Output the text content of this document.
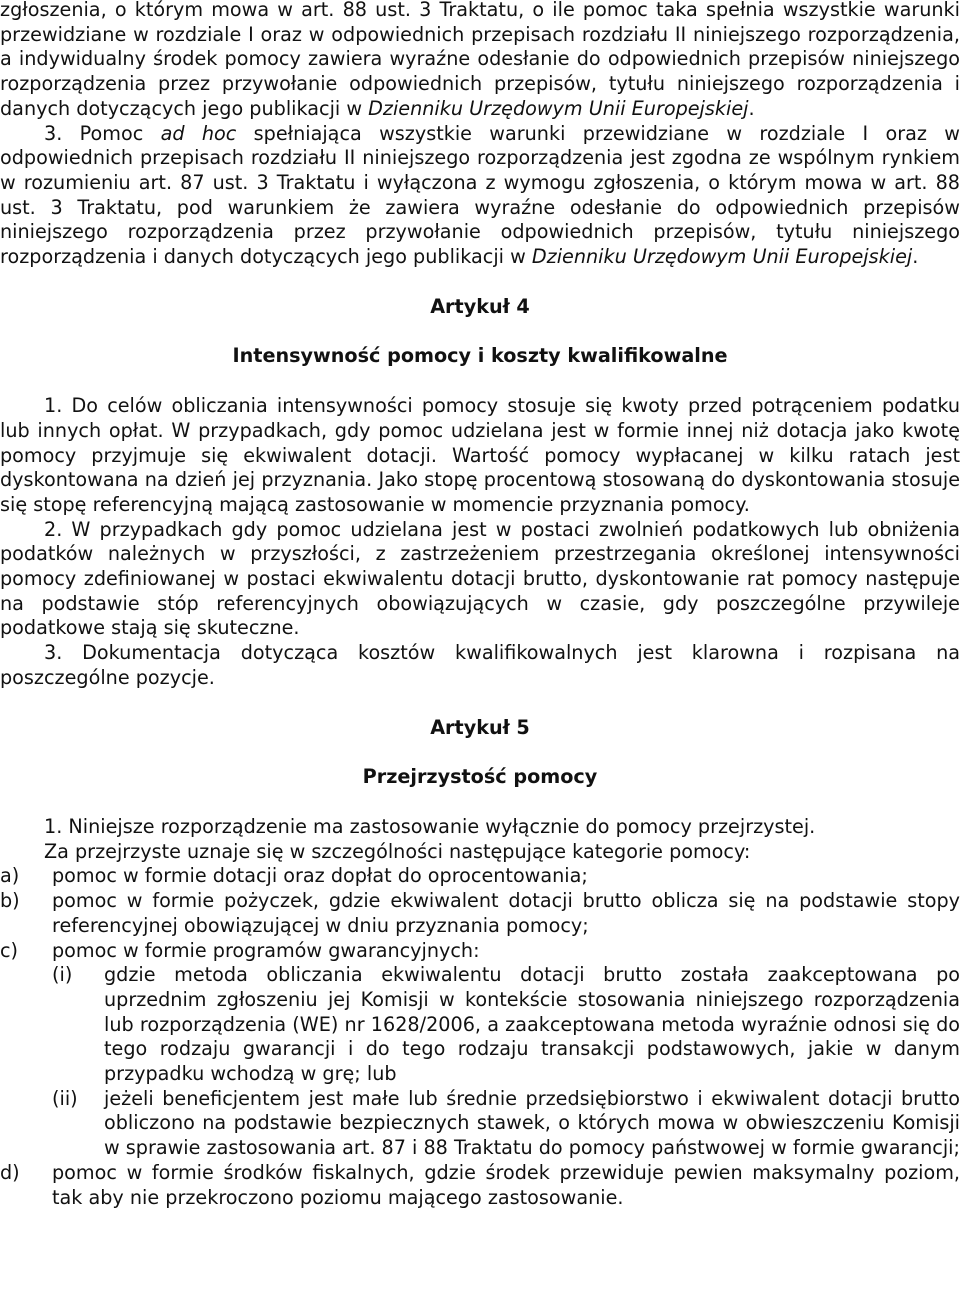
zgłoszenia, o którym mowa w art. 88 ust. 3 Traktatu, o ile pomoc taka spełnia wszystkie warunki przewidziane w rozdziale I oraz w odpowiednich przepisach rozdziału II niniejszego rozporządzenia, a indywidualny środek pomocy zawiera wyraźne odesłanie do odpowiednich przepisów niniejszego rozporządzenia przez przywołanie odpowiednich przepisów, tytułu niniejszego rozporządzenia i danych dotyczących jego publikacji w Dzienniku Urzędowym Unii Europejskiej.

3. Pomoc ad hoc spełniająca wszystkie warunki przewidziane w rozdziale I oraz w odpowiednich przepisach rozdziału II niniejszego rozporządzenia jest zgodna ze wspólnym rynkiem w rozumieniu art. 87 ust. 3 Traktatu i wyłączona z wymogu zgłoszenia, o którym mowa w art. 88 ust. 3 Traktatu, pod warunkiem że zawiera wyraźne odesłanie do odpowiednich przepisów niniejszego rozporządzenia przez przywołanie odpowiednich przepisów, tytułu niniejszego rozporządzenia i danych dotyczących jego publikacji w Dzienniku Urzędowym Unii Europejskiej.

Artykuł 4

Intensywność pomocy i koszty kwalifikowalne

1. Do celów obliczania intensywności pomocy stosuje się kwoty przed potrąceniem podatku lub innych opłat. W przypadkach, gdy pomoc udzielana jest w formie innej niż dotacja jako kwotę pomocy przyjmuje się ekwiwalent dotacji. Wartość pomocy wypłacanej w kilku ratach jest dyskontowana na dzień jej przyznania. Jako stopę procentową stosowaną do dyskontowania stosuje się stopę referencyjną mającą zastosowanie w momencie przyznania pomocy.

2. W przypadkach gdy pomoc udzielana jest w postaci zwolnień podatkowych lub obniżenia podatków należnych w przyszłości, z zastrzeżeniem przestrzegania określonej intensywności pomocy zdefiniowanej w postaci ekwiwalentu dotacji brutto, dyskontowanie rat pomocy następuje na podstawie stóp referencyjnych obowiązujących w czasie, gdy poszczególne przywileje podatkowe stają się skuteczne.

3. Dokumentacja dotycząca kosztów kwalifikowalnych jest klarowna i rozpisana na poszczególne pozycje.

Artykuł 5

Przejrzystość pomocy

1. Niniejsze rozporządzenie ma zastosowanie wyłącznie do pomocy przejrzystej.

Za przejrzyste uznaje się w szczególności następujące kategorie pomocy:

a) pomoc w formie dotacji oraz dopłat do oprocentowania;
b) pomoc w formie pożyczek, gdzie ekwiwalent dotacji brutto oblicza się na podstawie stopy referencyjnej obowiązującej w dniu przyznania pomocy;
c) pomoc w formie programów gwarancyjnych:
(i) gdzie metoda obliczania ekwiwalentu dotacji brutto została zaakceptowana po uprzednim zgłoszeniu jej Komisji w kontekście stosowania niniejszego rozporządzenia lub rozporządzenia (WE) nr 1628/2006, a zaakceptowana metoda wyraźnie odnosi się do tego rodzaju gwarancji i do tego rodzaju transakcji podstawowych, jakie w danym przypadku wchodzą w grę; lub
(ii) jeżeli beneficjentem jest małe lub średnie przedsiębiorstwo i ekwiwalent dotacji brutto obliczono na podstawie bezpiecznych stawek, o których mowa w obwieszczeniu Komisji w sprawie zastosowania art. 87 i 88 Traktatu do pomocy państwowej w formie gwarancji;
d) pomoc w formie środków fiskalnych, gdzie środek przewiduje pewien maksymalny poziom, tak aby nie przekroczono poziomu mającego zastosowanie.
